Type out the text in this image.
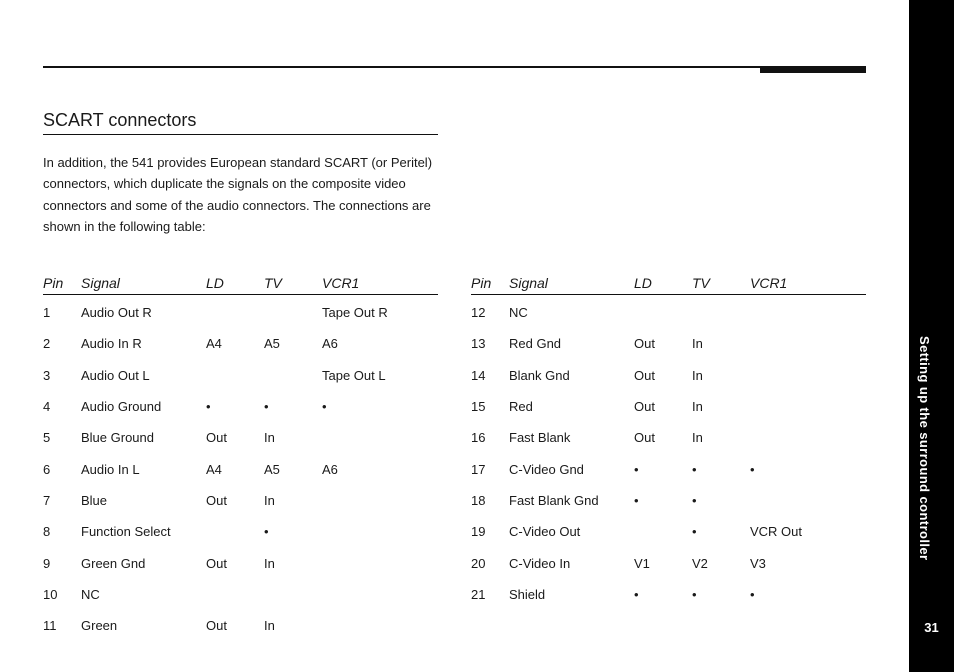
SCART connectors

In addition, the 541 provides European standard SCART (or Peritel) connectors, which duplicate the signals on the composite video connectors and some of the audio connectors. The connections are shown in the following table:

Pin	Signal	LD	TV	VCR1
1	Audio Out R			Tape Out R
2	Audio In R	A4	A5	A6
3	Audio Out L			Tape Out L
4	Audio Ground	•	•	•
5	Blue Ground	Out	In	
6	Audio In L	A4	A5	A6
7	Blue	Out	In	
8	Function Select		•	
9	Green Gnd	Out	In	
10	NC			
11	Green	Out	In	
Pin	Signal	LD	TV	VCR1
12	NC			
13	Red Gnd	Out	In	
14	Blank Gnd	Out	In	
15	Red	Out	In	
16	Fast Blank	Out	In	
17	C-Video Gnd	•	•	•
18	Fast Blank Gnd	•	•	
19	C-Video Out		•	VCR Out
20	C-Video In	V1	V2	V3
21	Shield	•	•	•
Setting up the surround controller
31
